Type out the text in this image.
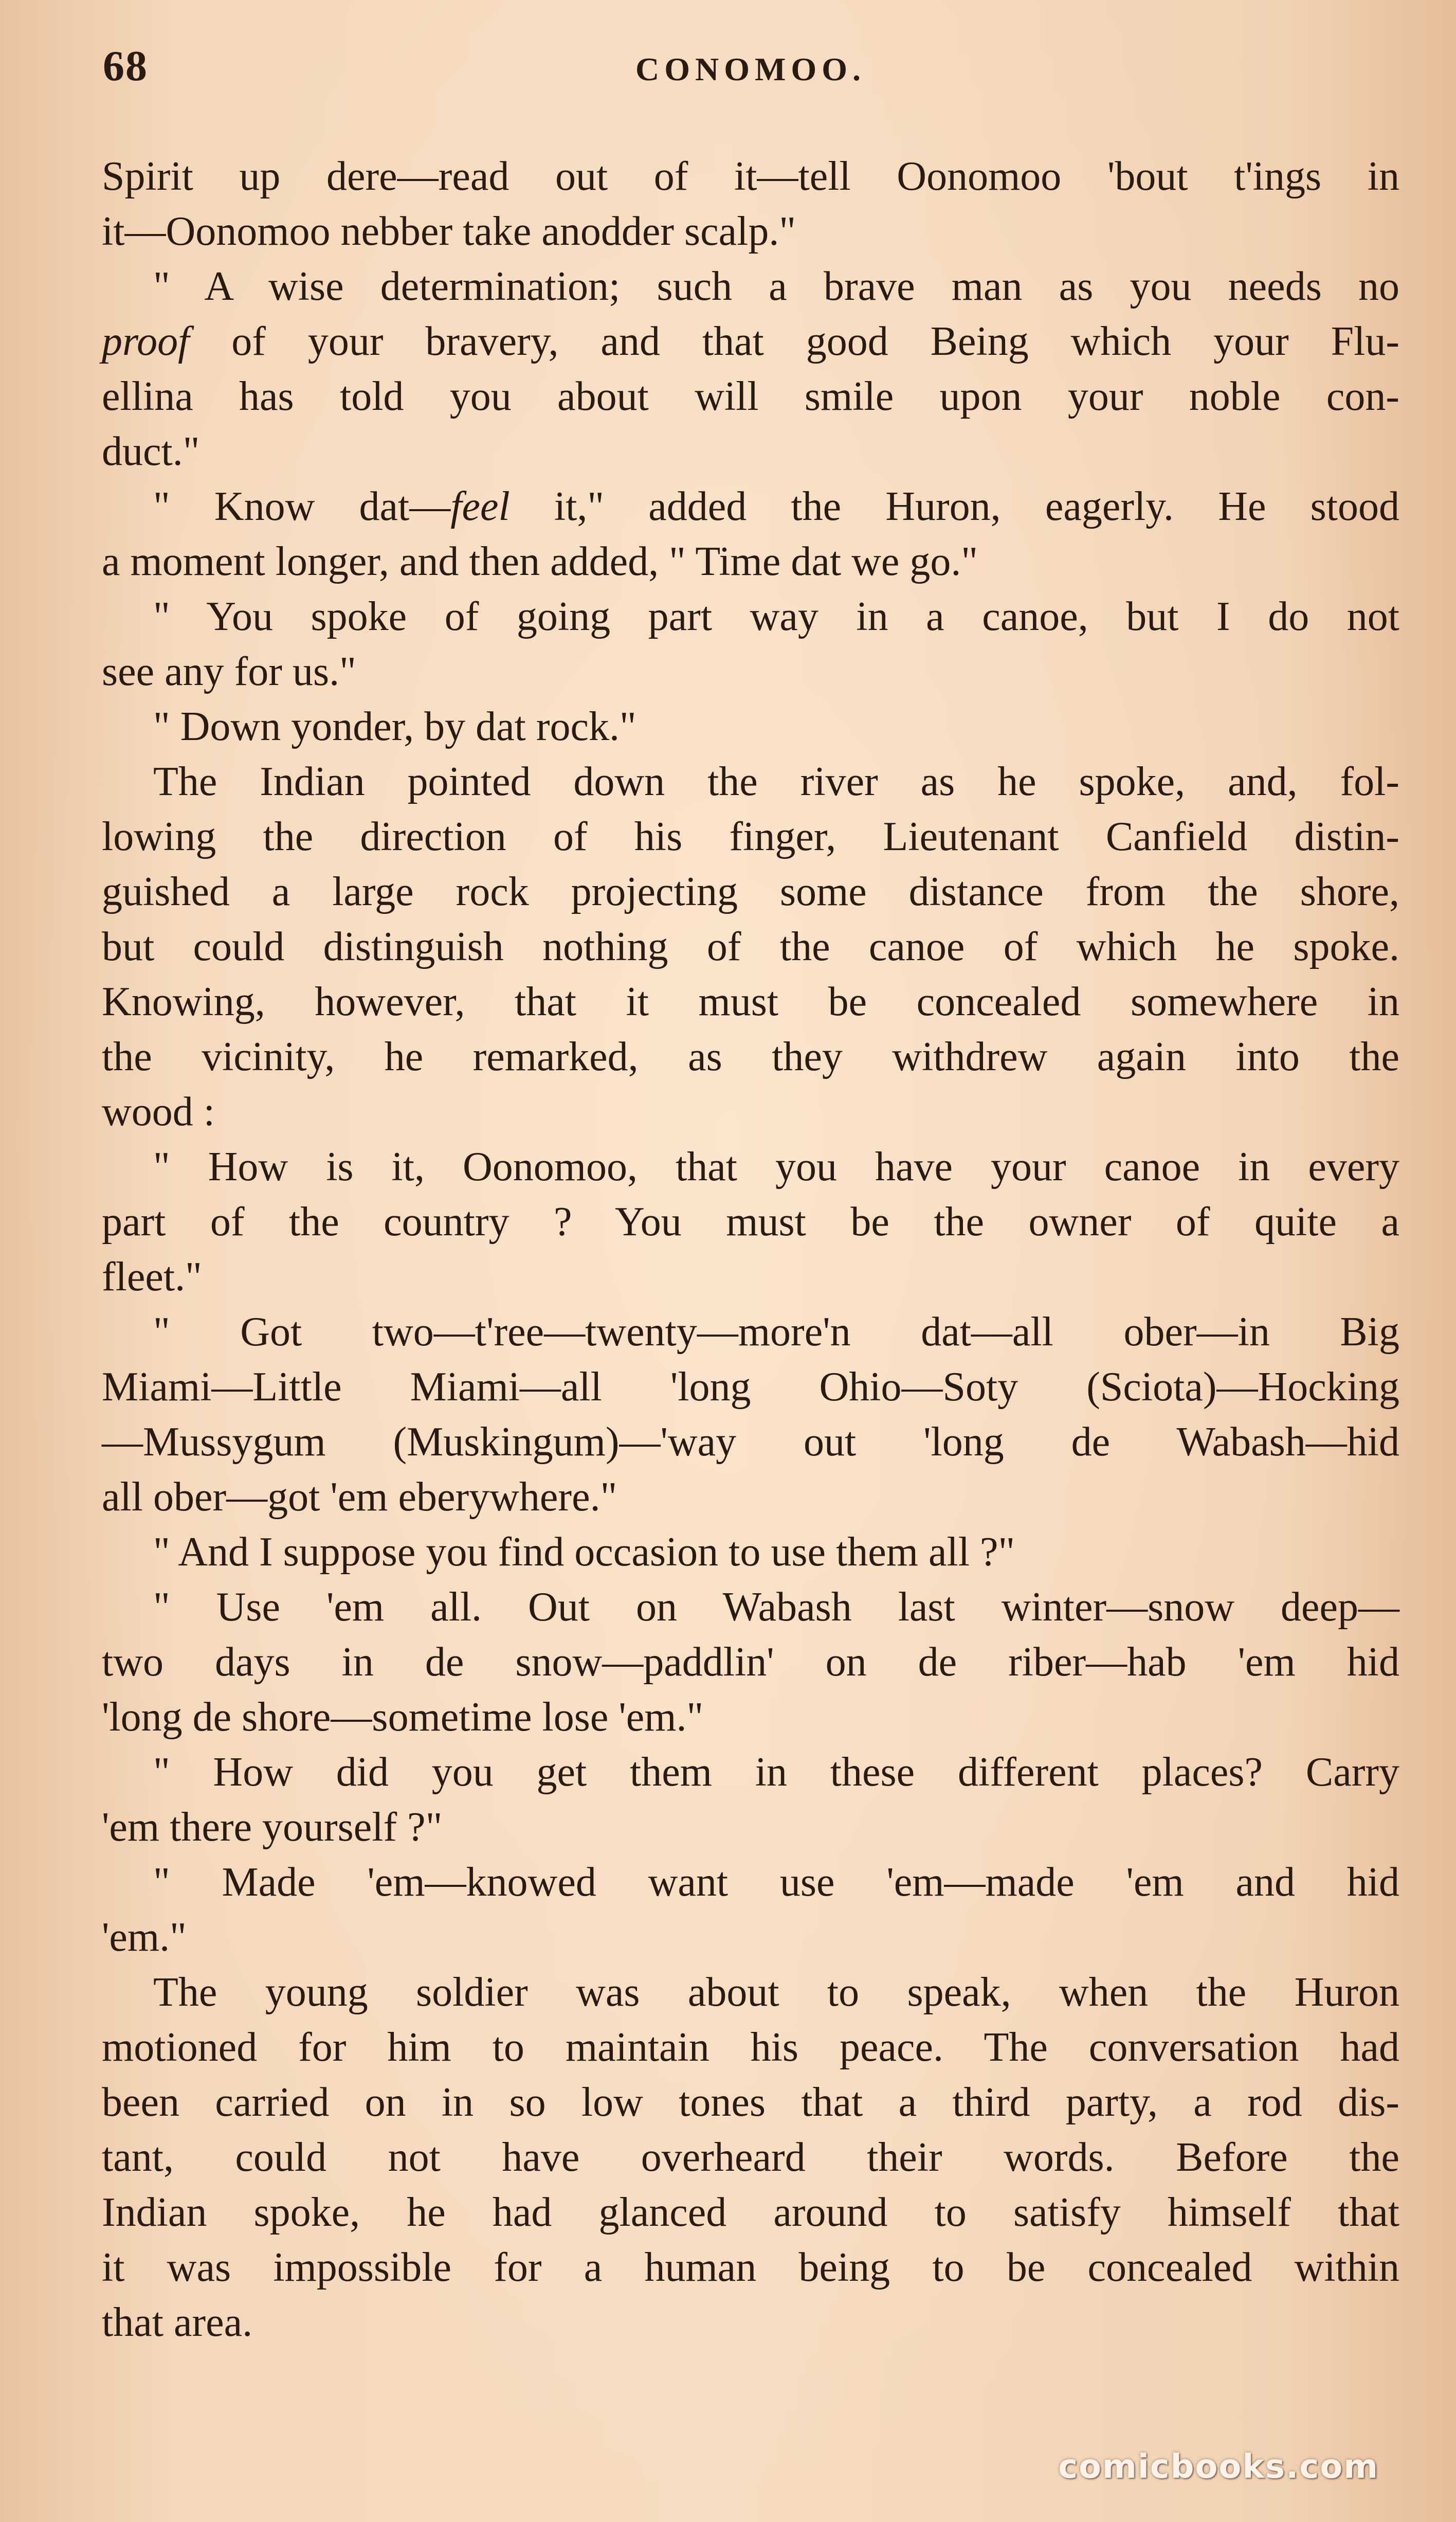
68	CONOMOO.
Spirit up dere—read out of it—tell Oonomoo 'bout t'ings in
it—Oonomoo nebber take anodder scalp."
" A wise determination; such a brave man as you needs no
proof of your bravery, and that good Being which your Flu-
ellina has told you about will smile upon your noble con-
duct."
" Know dat—feel it," added the Huron, eagerly. He stood
a moment longer, and then added, " Time dat we go."
" You spoke of going part way in a canoe, but I do not
see any for us."
" Down yonder, by dat rock."
The Indian pointed down the river as he spoke, and, fol-
lowing the direction of his finger, Lieutenant Canfield distin-
guished a large rock projecting some distance from the shore,
but could distinguish nothing of the canoe of which he spoke.
Knowing, however, that it must be concealed somewhere in
the vicinity, he remarked, as they withdrew again into the
wood :
" How is it, Oonomoo, that you have your canoe in every
part of the country ? You must be the owner of quite a
fleet."
" Got two—t'ree—twenty—more'n dat—all ober—in Big
Miami—Little Miami—all 'long Ohio—Soty (Sciota)—Hocking
—Mussygum (Muskingum)—'way out 'long de Wabash—hid
all ober—got 'em eberywhere."
" And I suppose you find occasion to use them all ?"
" Use 'em all. Out on Wabash last winter—snow deep—
two days in de snow—paddlin' on de riber—hab 'em hid
'long de shore—sometime lose 'em."
" How did you get them in these different places? Carry
'em there yourself ?"
" Made 'em—knowed want use 'em—made 'em and hid
'em."
The young soldier was about to speak, when the Huron
motioned for him to maintain his peace. The conversation had
been carried on in so low tones that a third party, a rod dis-
tant, could not have overheard their words. Before the
Indian spoke, he had glanced around to satisfy himself that
it was impossible for a human being to be concealed within
that area.
comicbooks.com
